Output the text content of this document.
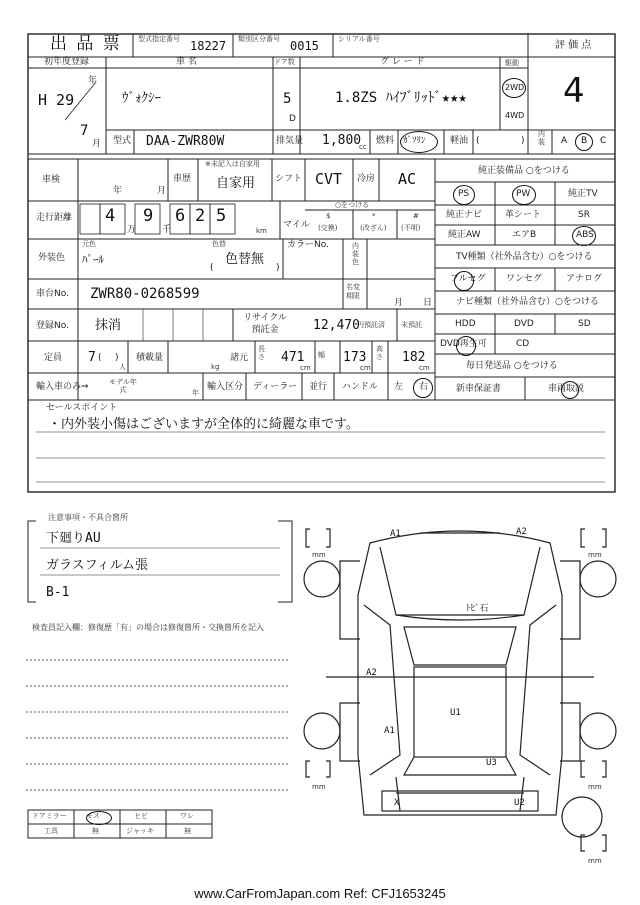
出 品 票 型式指定番号 18227 類別区分番号 0015	シリアル番号
評 価 点
4
初年度登録
年
H 29
7
月
車 名
ｳﾞｫｸｼｰ
ドア数
5
D
グ レ ー ド
1.8ZS ﾊｲﾌﾞﾘｯﾄﾞ★★★
駆動
2WD
4WD
型式 DAA-ZWR80W	排気量 1,800
cc
燃料 ｶﾞｿﾘﾝ	軽油 (	)
内装 A B C
車検
年	月
車歴
※未記入は自家用
自家用 シフト CVT 冷房 AC
走行距離 4
万
9
千
6 2 5
km
マイル
○をつける
$
(交換)
*
(改ざん)
#
(不明)
外装色
元色
ﾊﾟｰﾙ
色替
色替無
(	)
カラーNo.	内装色
車台No. ZWR80-0268599	名変期限
月 日
登録No. 抹消	リサイクル預託金	12,470
円預託済 未預託
定員 7 ( )
人
積載量
kg
諸元
長さ 471
cm
幅 173
cm
高さ 182
cm
輸入車のみ⇒	モデル年式	年
輸入区分 ディーラー 並行 ハンドル 左 右
純正装備品 ○をつける
PS	PW	純正TV
純正ナビ	革シート	SR
純正AW	エアB	ABS
TV種類（社外品含む）○をつける
フルセグ ワンセグ	アナログ
ナビ種類（社外品含む）○をつける
HDD	DVD	SD
DVD再生可	CD
毎日発送品 ○をつける
新車保証書	車両取説
セールスポイント
・内外装小傷はございますが全体的に綺麗な車です。
注意事項・不具合箇所
下廻りAU
ガラスフィルム張
B-1
検査員記入欄：修復歴「有」の場合は修復箇所・交換箇所を記入
ドアミラー	モス	ヒビ	ワレ
工具	無	ジャッキ	無
A1	A2
ﾄﾋﾞ石
A2
A1
U1
U3
X	U2
mm	mm
mm	mm
mm
www.CarFromJapan.com Ref: CFJ1653245
